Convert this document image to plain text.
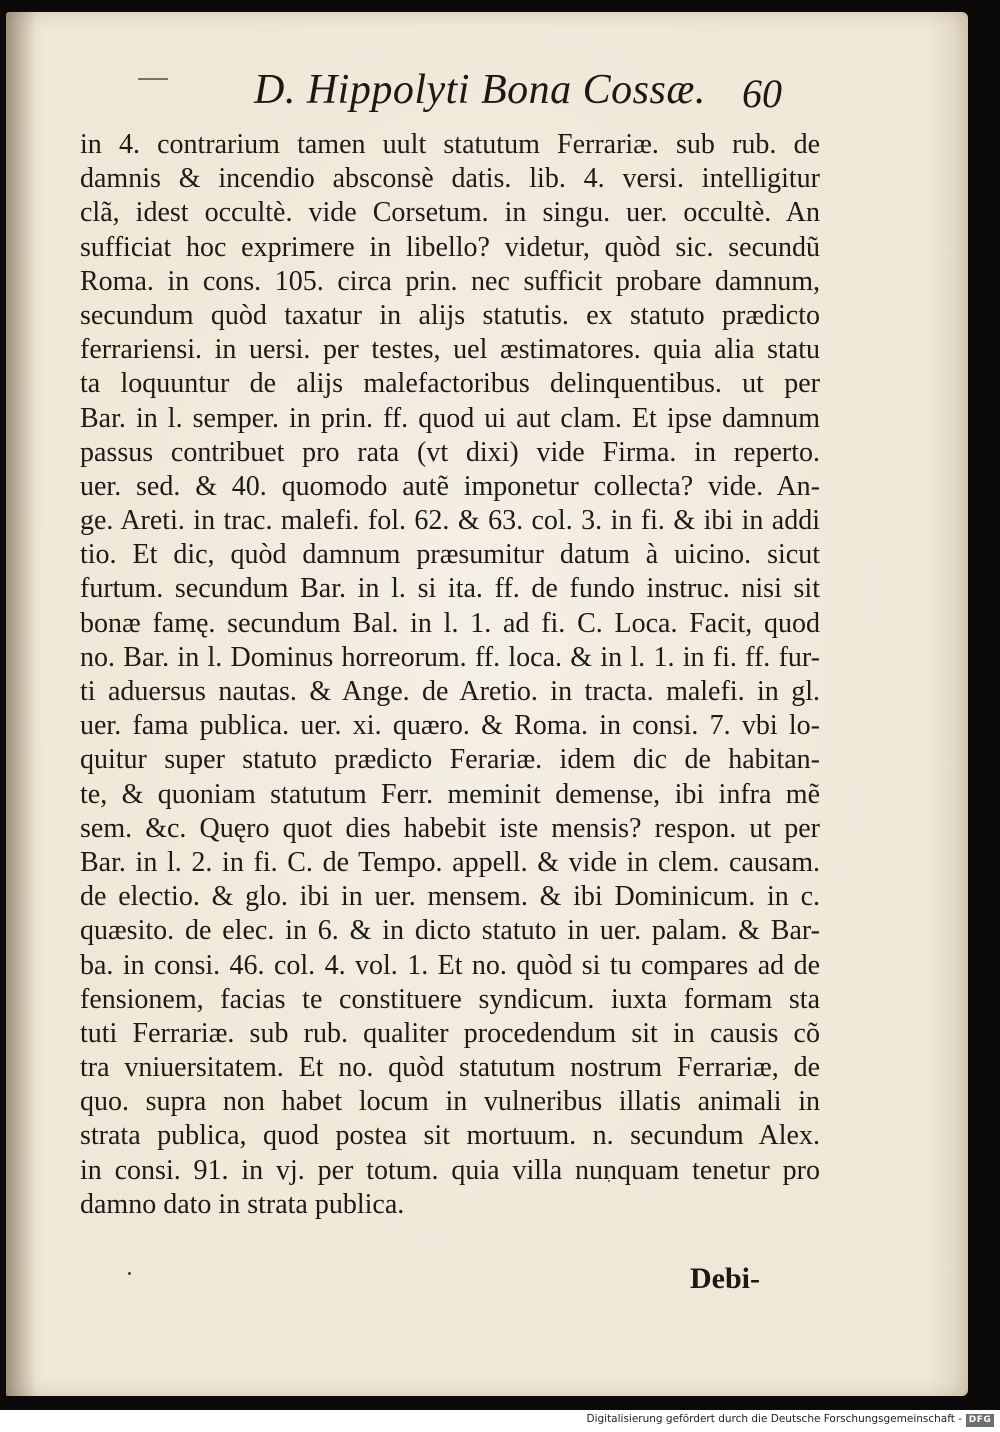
D. Hippolyti Bona Cossæ. 60
in 4. contrarium tamen uult statutum Ferrariæ. sub rub. de
damnis & incendio absconsè datis. lib. 4. versi. intelligitur
clã, idest occultè. vide Corsetum. in singu. uer. occultè. An
sufficiat hoc exprimere in libello? videtur, quòd sic. secundũ
Roma. in cons. 105. circa prin. nec sufficit probare damnum,
secundum quòd taxatur in alijs statutis. ex statuto prædicto
ferrariensi. in uersi. per testes, uel æstimatores. quia alia statu
ta loquuntur de alijs malefactoribus delinquentibus. ut per
Bar. in l. semper. in prin. ff. quod ui aut clam. Et ipse damnum
passus contribuet pro rata (vt dixi) vide Firma. in reperto.
uer. sed. & 40. quomodo autẽ imponetur collecta? vide. An-
ge. Areti. in trac. malefi. fol. 62. & 63. col. 3. in fi. & ibi in addi
tio. Et dic, quòd damnum præsumitur datum à uicino. sicut
furtum. secundum Bar. in l. si ita. ff. de fundo instruc. nisi sit
bonæ famę. secundum Bal. in l. 1. ad fi. C. Loca. Facit, quod
no. Bar. in l. Dominus horreorum. ff. loca. & in l. 1. in fi. ff. fur-
ti aduersus nautas. & Ange. de Aretio. in tracta. malefi. in gl.
uer. fama publica. uer. xi. quæro. & Roma. in consi. 7. vbi lo-
quitur super statuto prædicto Ferariæ. idem dic de habitan-
te, & quoniam statutum Ferr. meminit demense, ibi infra mẽ
sem. &c. Quęro quot dies habebit iste mensis? respon. ut per
Bar. in l. 2. in fi. C. de Tempo. appell. & vide in clem. causam.
de electio. & glo. ibi in uer. mensem. & ibi Dominicum. in c.
quæsito. de elec. in 6. & in dicto statuto in uer. palam. & Bar-
ba. in consi. 46. col. 4. vol. 1. Et no. quòd si tu compares ad de
fensionem, facias te constituere syndicum. iuxta formam sta
tuti Ferrariæ. sub rub. qualiter procedendum sit in causis cõ
tra vniuersitatem. Et no. quòd statutum nostrum Ferrariæ, de
quo. supra non habet locum in vulneribus illatis animali in
strata publica, quod postea sit mortuum. n. secundum Alex.
in consi. 91. in vj. per totum. quia villa nunquam tenetur pro
damno dato in strata publica.
Debi-
Digitalisierung gefördert durch die Deutsche Forschungsgemeinschaft - DFG
